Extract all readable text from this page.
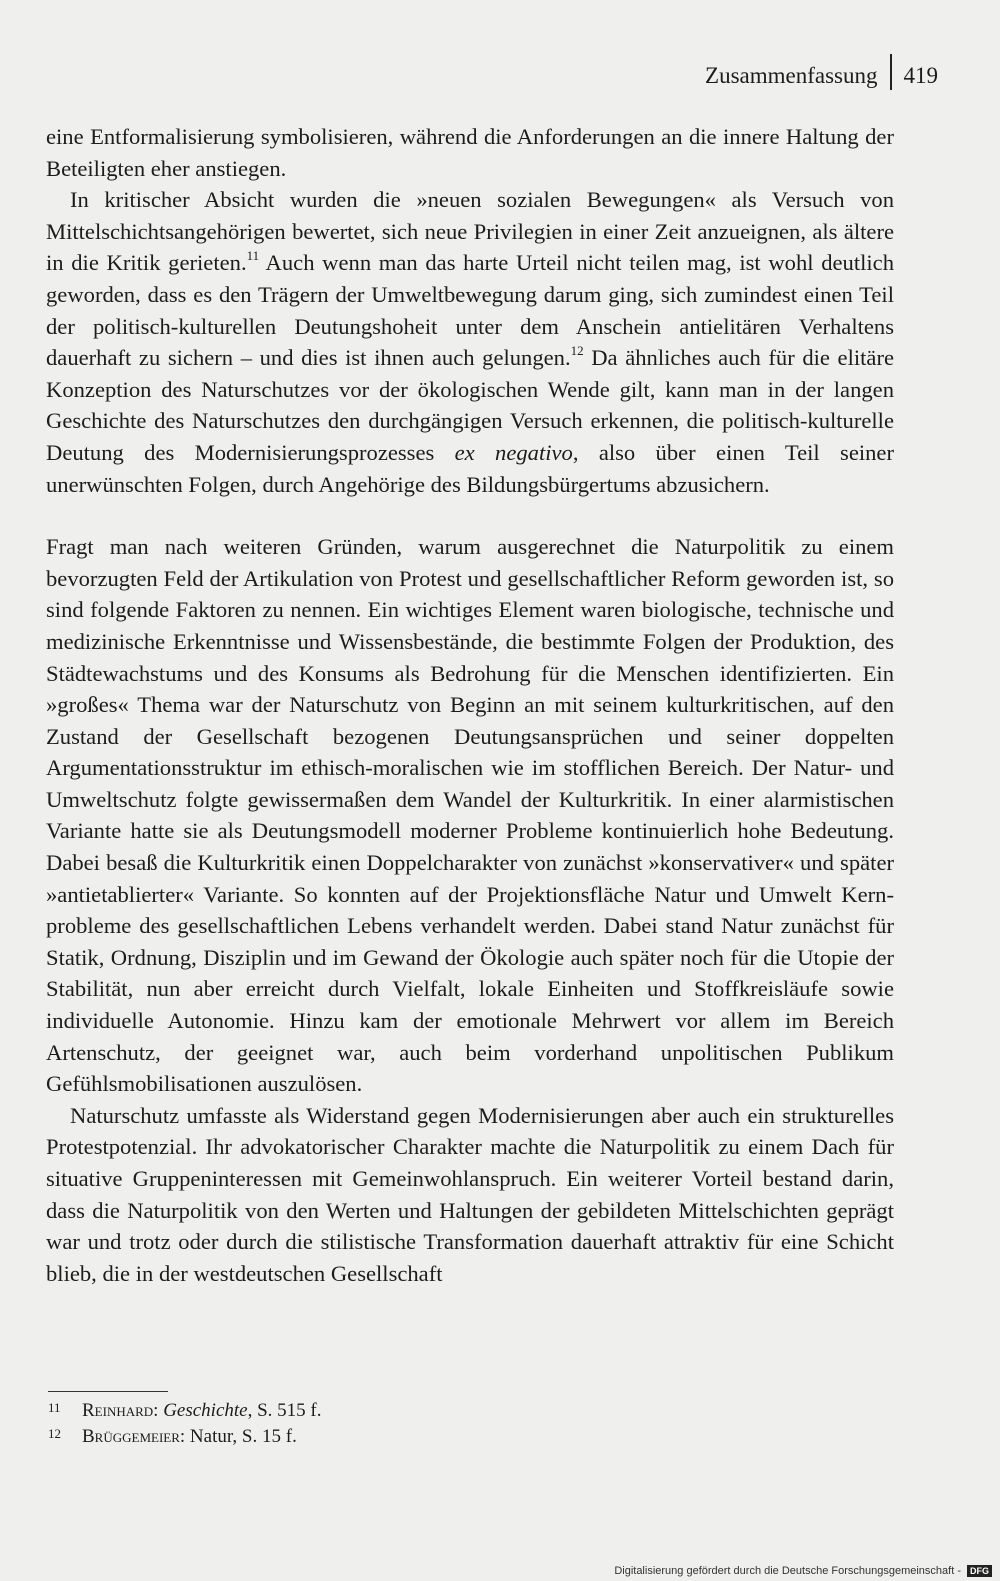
Zusammenfassung 419

eine Entformalisierung symbolisieren, während die Anforderungen an die innere Haltung der Beteiligten eher anstiegen.

In kritischer Absicht wurden die »neuen sozialen Bewegungen« als Versuch von Mittelschichtsangehörigen bewertet, sich neue Privilegien in einer Zeit anzueignen, als ältere in die Kritik gerieten.$^{11}$ Auch wenn man das harte Urteil nicht teilen mag, ist wohl deutlich geworden, dass es den Trägern der Umweltbewegung darum ging, sich zumindest einen Teil der politisch-kulturellen Deutungshoheit unter dem Anschein antielitären Verhaltens dauerhaft zu sichern – und dies ist ihnen auch gelungen.$^{12}$ Da ähnliches auch für die elitäre Konzeption des Naturschutzes vor der ökologischen Wende gilt, kann man in der langen Geschichte des Naturschutzes den durchgängigen Versuch erkennen, die politisch-kulturelle Deutung des Modernisierungsprozesses ex negativo, also über einen Teil seiner unerwünschten Folgen, durch Angehörige des Bildungsbürgertums abzusichern.

Fragt man nach weiteren Gründen, warum ausgerechnet die Naturpolitik zu einem bevorzugten Feld der Artikulation von Protest und gesellschaftlicher Reform geworden ist, so sind folgende Faktoren zu nennen. Ein wichtiges Element waren biologische, technische und medizinische Erkenntnisse und Wissensbestände, die bestimmte Folgen der Produktion, des Städtewachstums und des Konsums als Bedrohung für die Menschen identifizierten. Ein »großes« Thema war der Naturschutz von Beginn an mit seinem kulturkritischen, auf den Zustand der Gesellschaft bezogenen Deutungsansprüchen und seiner doppelten Argumentationsstruktur im ethisch-moralischen wie im stofflichen Bereich. Der Natur- und Umweltschutz folgte gewissermaßen dem Wandel der Kulturkritik. In einer alarmistischen Variante hatte sie als Deutungsmodell moderner Probleme kontinuierlich hohe Bedeutung. Dabei besaß die Kulturkritik einen Doppelcharakter von zunächst »konservativer« und später »antietablierter« Variante. So konnten auf der Projektionsfläche Natur und Umwelt Kernprobleme des gesellschaftlichen Lebens verhandelt werden. Dabei stand Natur zunächst für Statik, Ordnung, Disziplin und im Gewand der Ökologie auch später noch für die Utopie der Stabilität, nun aber erreicht durch Vielfalt, lokale Einheiten und Stoffkreisläufe sowie individuelle Autonomie. Hinzu kam der emotionale Mehrwert vor allem im Bereich Artenschutz, der geeignet war, auch beim vorderhand unpolitischen Publikum Gefühlsmobilisationen auszulösen.

Naturschutz umfasste als Widerstand gegen Modernisierungen aber auch ein strukturelles Protestpotenzial. Ihr advokatorischer Charakter machte die Naturpolitik zu einem Dach für situative Gruppeninteressen mit Gemeinwohlanspruch. Ein weiterer Vorteil bestand darin, dass die Naturpolitik von den Werten und Haltungen der gebildeten Mittelschichten geprägt war und trotz oder durch die stilistische Transformation dauerhaft attraktiv für eine Schicht blieb, die in der westdeutschen Gesellschaft

11	Reinhard: Geschichte, S. 515 f.
12	Brüggemeier: Natur, S. 15 f.
Digitalisierung gefördert durch die Deutsche Forschungsgemeinschaft -	DFG
